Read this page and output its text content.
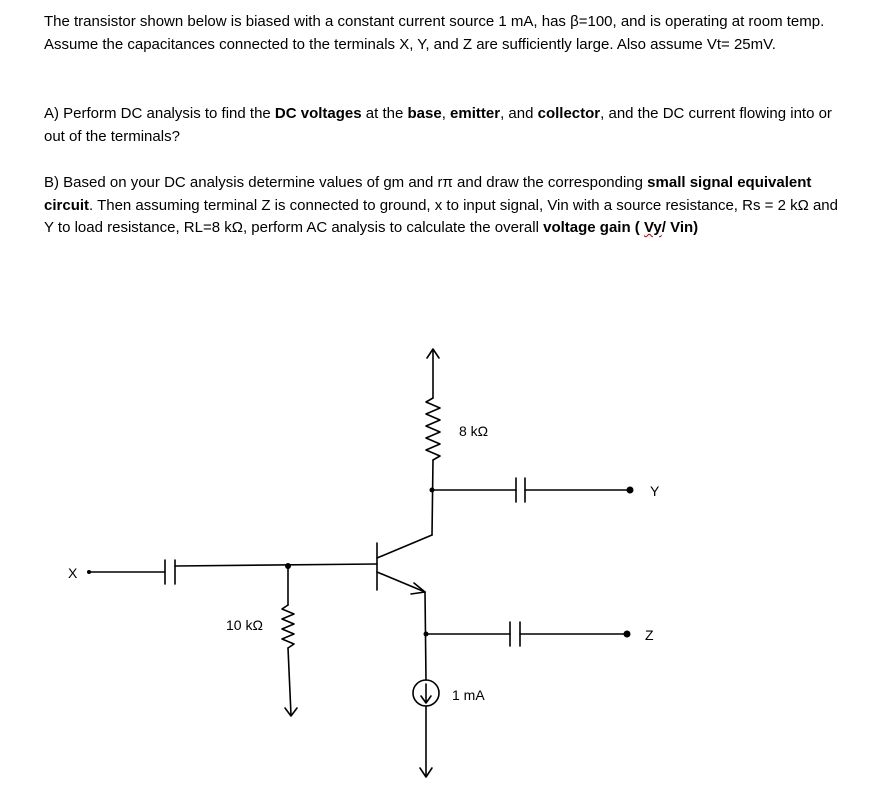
The transistor shown below is biased with a constant current source 1 mA, has β=100, and is operating at room temp. Assume the capacitances connected to the terminals X, Y, and Z are sufficiently large. Also assume Vt= 25mV.

A) Perform DC analysis to find the DC voltages at the base, emitter, and collector, and the DC current flowing into or out of the terminals?

B) Based on your DC analysis determine values of gm and rπ and draw the corresponding small signal equivalent circuit. Then assuming terminal Z is connected to ground, x to input signal, Vin with a source resistance, Rs = 2 kΩ and Y to load resistance, RL=8 kΩ, perform AC analysis to calculate the overall voltage gain ( Vy/ Vin)

8 kΩ
10 kΩ
1 mA
X
Y
Z
